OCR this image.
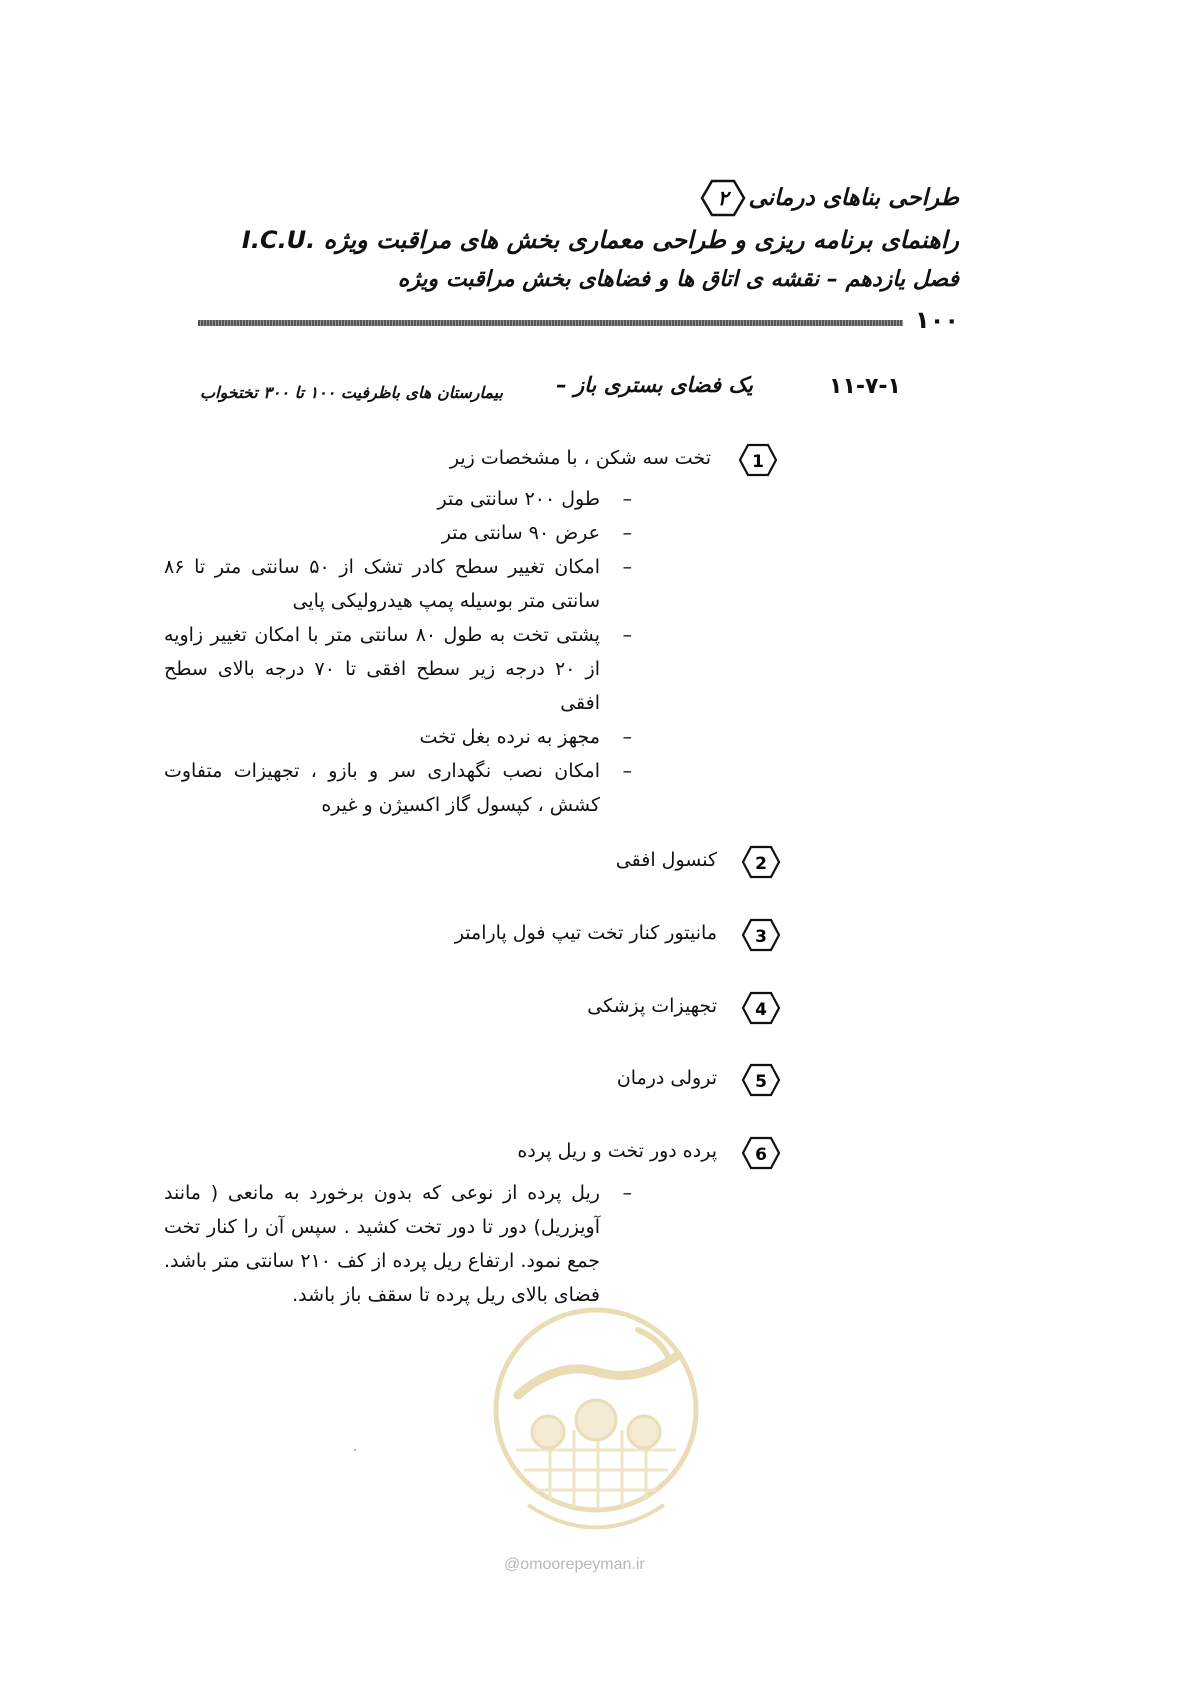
طراحی بناهای درمانی
۲
راهنمای برنامه ریزی و طراحی معماری بخش های مراقبت ویژه .I.C.U
فصل یازدهم – نقشه ی اتاق ها و فضاهای بخش مراقبت ویژه
۱۰۰
۱۱-۷-۱
یک فضای بستری باز –
بیمارستان های باظرفیت ۱۰۰ تا ۳۰۰ تختخواب
1
تخت سه شکن ، با مشخصات زیر
– طول ۲۰۰ سانتی متر
– عرض ۹۰ سانتی متر
– امکان تغییر سطح کادر تشک از ۵۰ سانتی متر تا ۸۶ سانتی متر بوسیله پمپ هیدرولیکی پایی
– پشتی تخت به طول ۸۰ سانتی متر با امکان تغییر زاویه از ۲۰ درجه زیر سطح افقی تا ۷۰ درجه بالای سطح افقی
– مجهز به نرده بغل تخت
– امکان نصب نگهداری سر و بازو ، تجهیزات متفاوت کشش ، کپسول گاز اکسیژن و غیره
2
کنسول افقی
3
مانیتور کنار تخت تیپ فول پارامتر
4
تجهیزات پزشکی
5
ترولی درمان
6
پرده دور تخت و ریل پرده
– ریل پرده از نوعی که بدون برخورد به مانعی ( مانند آویزریل) دور تا دور تخت کشید . سپس آن را کنار تخت جمع نمود. ارتفاع ریل پرده از کف ۲۱۰ سانتی متر باشد. فضای بالای ریل پرده تا سقف باز باشد.
@omoorepeyman.ir
